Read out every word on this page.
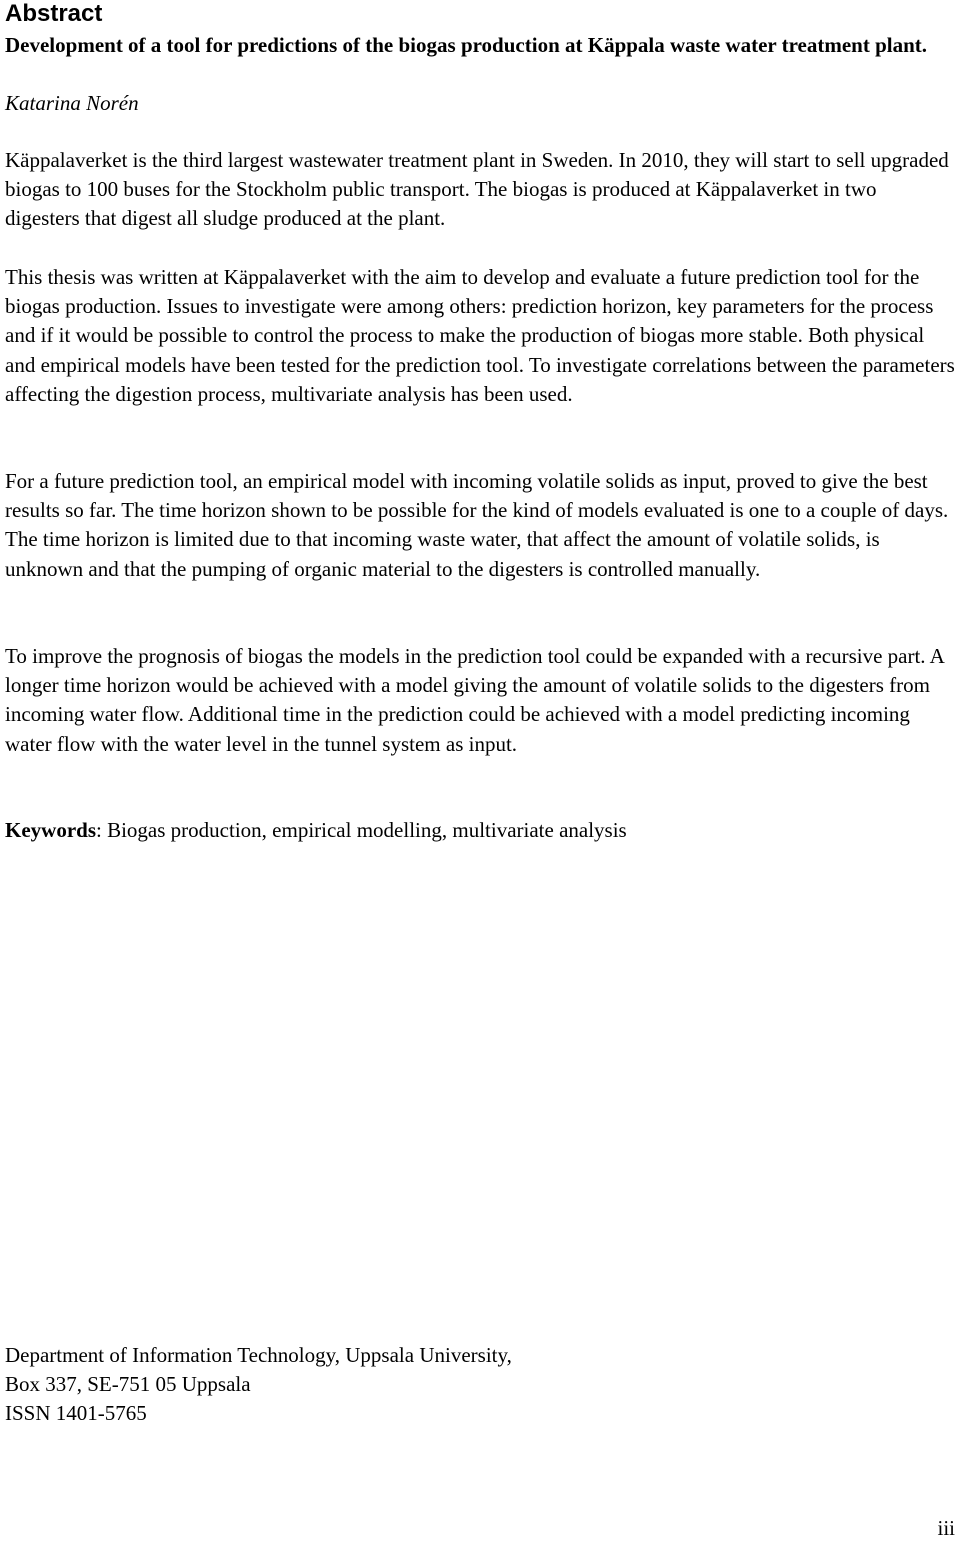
Abstract

Development of a tool for predictions of the biogas production at Käppala waste water treatment plant.

Katarina Norén

Käppalaverket is the third largest wastewater treatment plant in Sweden. In 2010, they will start to sell upgraded biogas to 100 buses for the Stockholm public transport. The biogas is produced at Käppalaverket in two digesters that digest all sludge produced at the plant.

This thesis was written at Käppalaverket with the aim to develop and evaluate a future prediction tool for the biogas production. Issues to investigate were among others: prediction horizon, key parameters for the process and if it would be possible to control the process to make the production of biogas more stable. Both physical and empirical models have been tested for the prediction tool. To investigate correlations between the parameters affecting the digestion process, multivariate analysis has been used.

For a future prediction tool, an empirical model with incoming volatile solids as input, proved to give the best results so far. The time horizon shown to be possible for the kind of models evaluated is one to a couple of days. The time horizon is limited due to that incoming waste water, that affect the amount of volatile solids, is unknown and that the pumping of organic material to the digesters is controlled manually.

To improve the prognosis of biogas the models in the prediction tool could be expanded with a recursive part. A longer time horizon would be achieved with a model giving the amount of volatile solids to the digesters from incoming water flow. Additional time in the prediction could be achieved with a model predicting incoming water flow with the water level in the tunnel system as input.

Keywords: Biogas production, empirical modelling, multivariate analysis

Department of Information Technology, Uppsala University,
Box 337, SE-751 05 Uppsala
ISSN 1401-5765
iii
